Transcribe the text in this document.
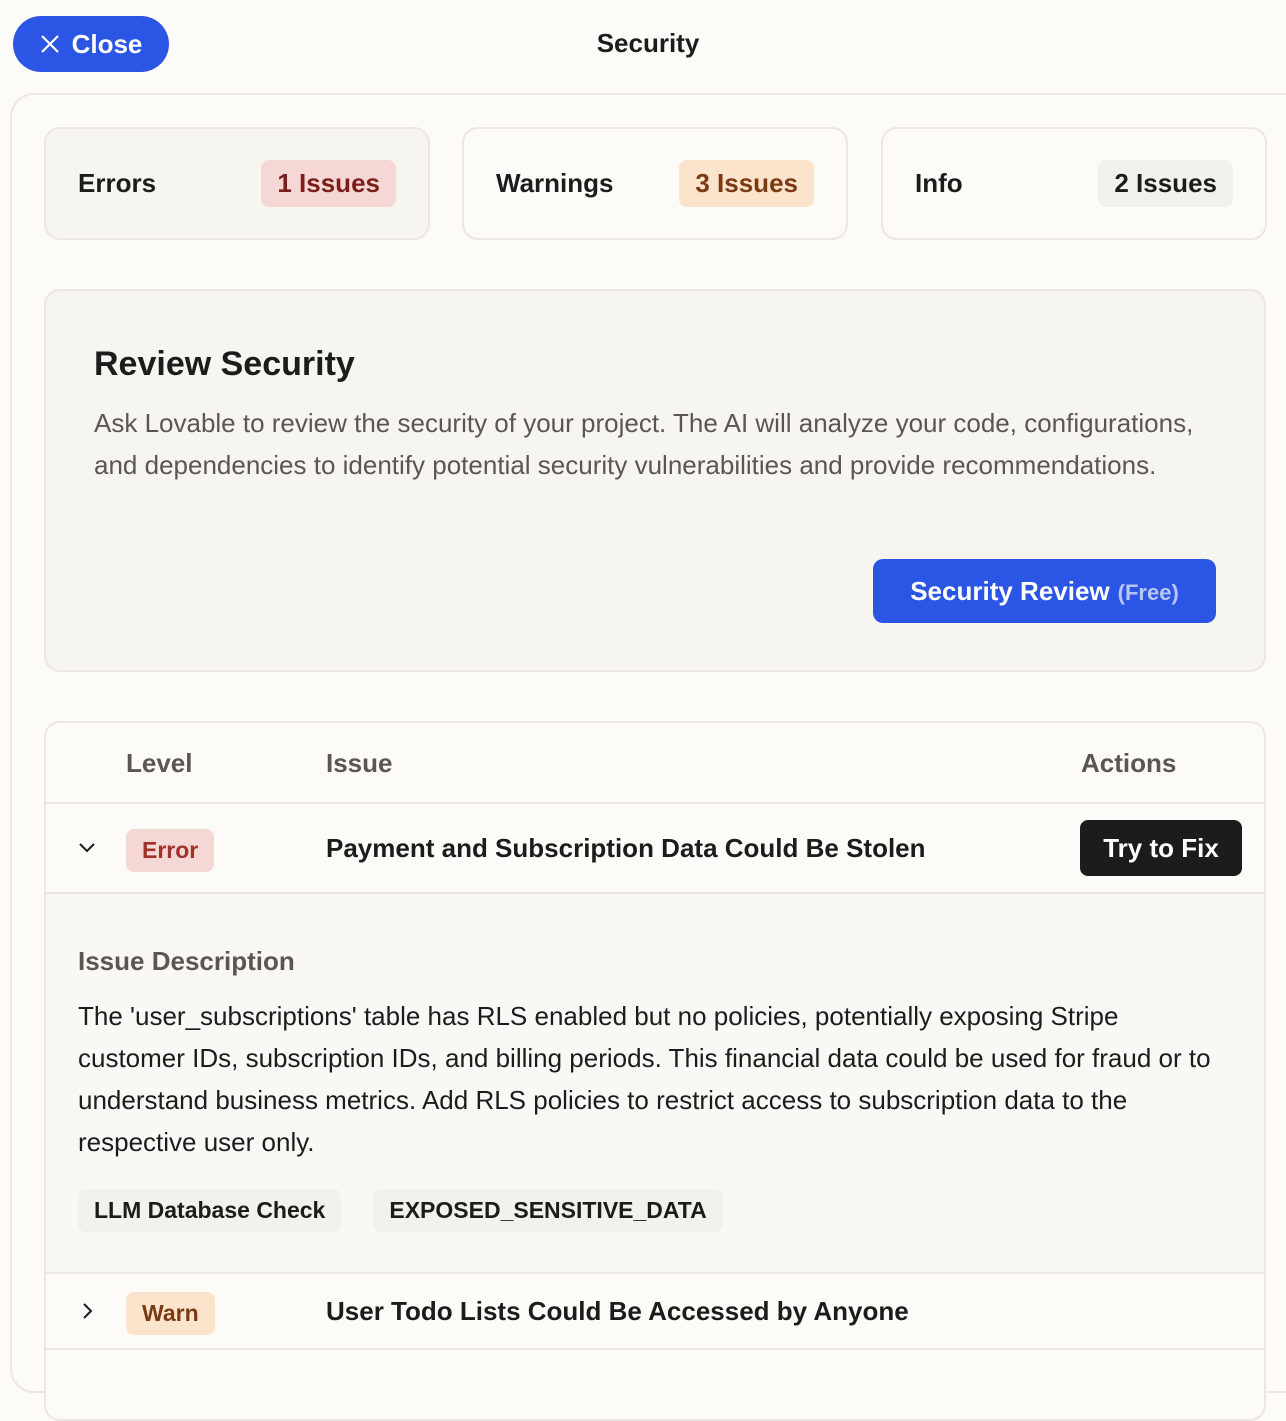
Close	Security
Errors	1 Issues	Warnings	3 Issues	Info	2 Issues
Review Security

Ask Lovable to review the security of your project. The AI will analyze your code, configurations, and dependencies to identify potential security vulnerabilities and provide recommendations.

Security Review (Free)
Level	Issue	Actions
Error	Payment and Subscription Data Could Be Stolen	Try to Fix
Issue Description

The 'user_subscriptions' table has RLS enabled but no policies, potentially exposing Stripe customer IDs, subscription IDs, and billing periods. This financial data could be used for fraud or to understand business metrics. Add RLS policies to restrict access to subscription data to the respective user only.

LLM Database Check	EXPOSED_SENSITIVE_DATA
Warn	User Todo Lists Could Be Accessed by Anyone
